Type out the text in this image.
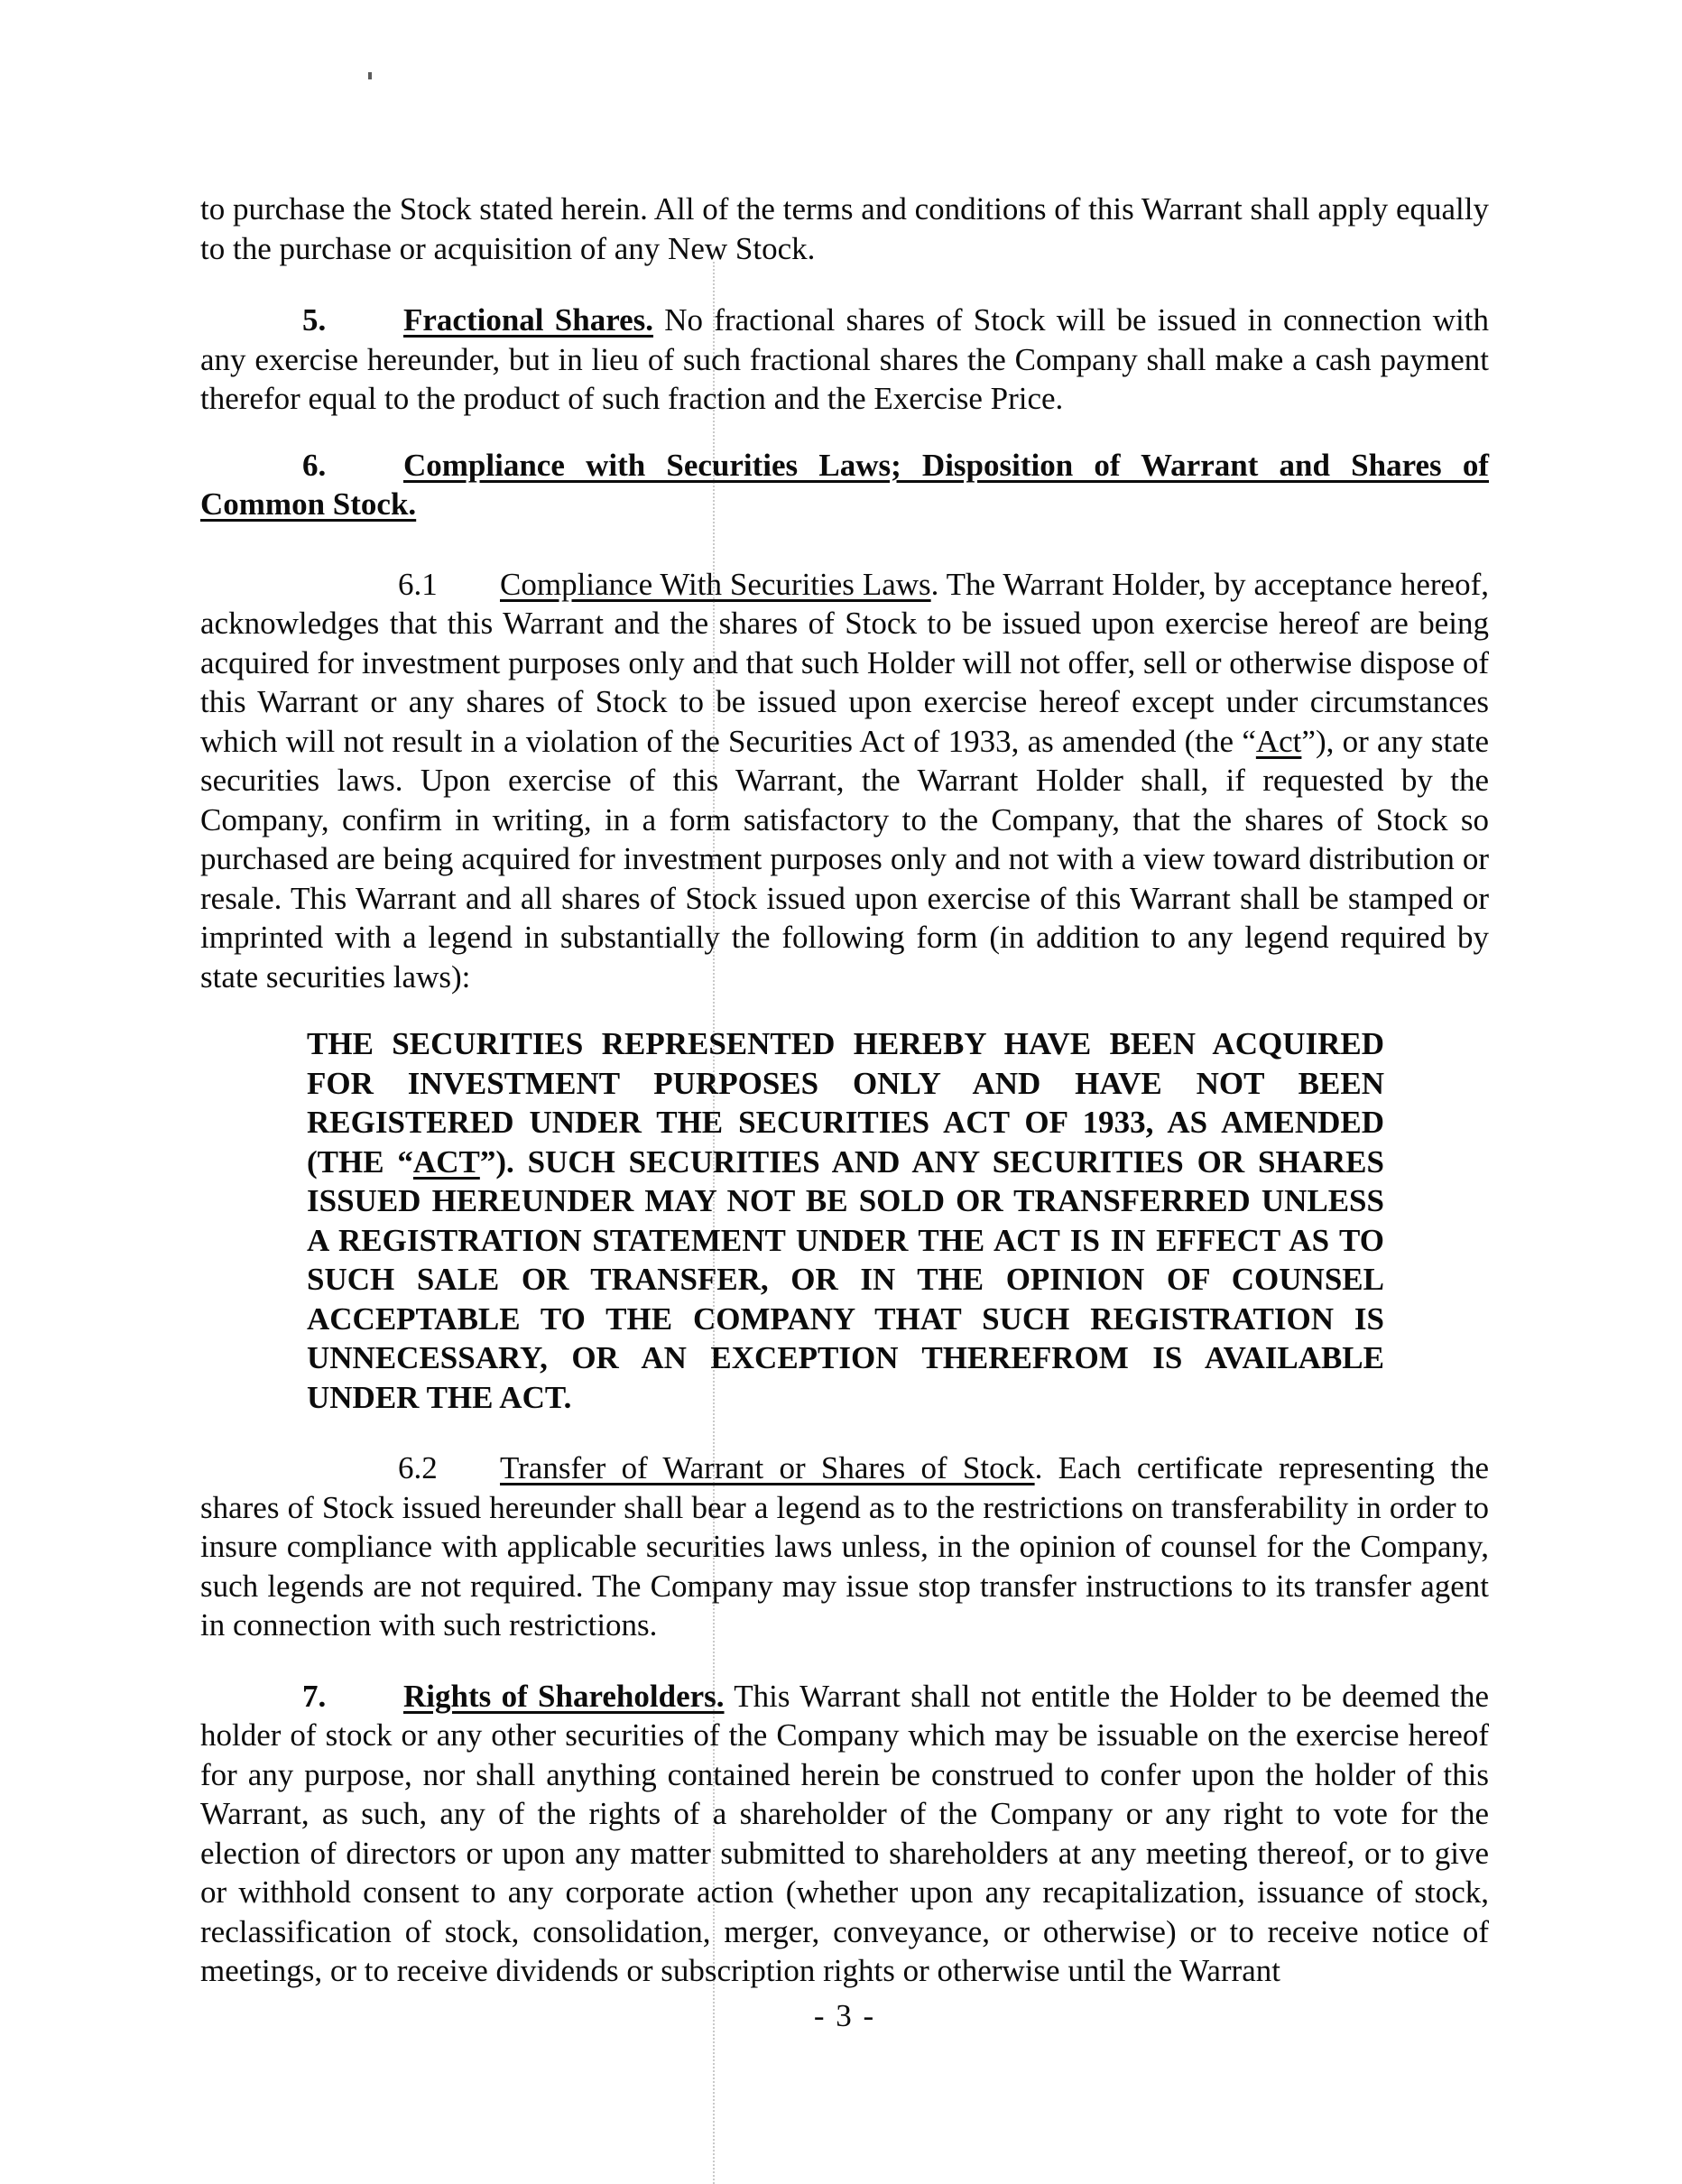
to purchase the Stock stated herein. All of the terms and conditions of this Warrant shall apply equally to the purchase or acquisition of any New Stock.

5. Fractional Shares. No fractional shares of Stock will be issued in connection with any exercise hereunder, but in lieu of such fractional shares the Company shall make a cash payment therefor equal to the product of such fraction and the Exercise Price.

6. Compliance with Securities Laws; Disposition of Warrant and Shares of Common Stock.

6.1 Compliance With Securities Laws. The Warrant Holder, by acceptance hereof, acknowledges that this Warrant and the shares of Stock to be issued upon exercise hereof are being acquired for investment purposes only and that such Holder will not offer, sell or otherwise dispose of this Warrant or any shares of Stock to be issued upon exercise hereof except under circumstances which will not result in a violation of the Securities Act of 1933, as amended (the “Act”), or any state securities laws. Upon exercise of this Warrant, the Warrant Holder shall, if requested by the Company, confirm in writing, in a form satisfactory to the Company, that the shares of Stock so purchased are being acquired for investment purposes only and not with a view toward distribution or resale. This Warrant and all shares of Stock issued upon exercise of this Warrant shall be stamped or imprinted with a legend in substantially the following form (in addition to any legend required by state securities laws):

THE SECURITIES REPRESENTED HEREBY HAVE BEEN ACQUIRED FOR INVESTMENT PURPOSES ONLY AND HAVE NOT BEEN REGISTERED UNDER THE SECURITIES ACT OF 1933, AS AMENDED (THE “ACT”). SUCH SECURITIES AND ANY SECURITIES OR SHARES ISSUED HEREUNDER MAY NOT BE SOLD OR TRANSFERRED UNLESS A REGISTRATION STATEMENT UNDER THE ACT IS IN EFFECT AS TO SUCH SALE OR TRANSFER, OR IN THE OPINION OF COUNSEL ACCEPTABLE TO THE COMPANY THAT SUCH REGISTRATION IS UNNECESSARY, OR AN EXCEPTION THEREFROM IS AVAILABLE UNDER THE ACT.

6.2 Transfer of Warrant or Shares of Stock. Each certificate representing the shares of Stock issued hereunder shall bear a legend as to the restrictions on transferability in order to insure compliance with applicable securities laws unless, in the opinion of counsel for the Company, such legends are not required. The Company may issue stop transfer instructions to its transfer agent in connection with such restrictions.

7. Rights of Shareholders. This Warrant shall not entitle the Holder to be deemed the holder of stock or any other securities of the Company which may be issuable on the exercise hereof for any purpose, nor shall anything contained herein be construed to confer upon the holder of this Warrant, as such, any of the rights of a shareholder of the Company or any right to vote for the election of directors or upon any matter submitted to shareholders at any meeting thereof, or to give or withhold consent to any corporate action (whether upon any recapitalization, issuance of stock, reclassification of stock, consolidation, merger, conveyance, or otherwise) or to receive notice of meetings, or to receive dividends or subscription rights or otherwise until the Warrant

- 3 -
